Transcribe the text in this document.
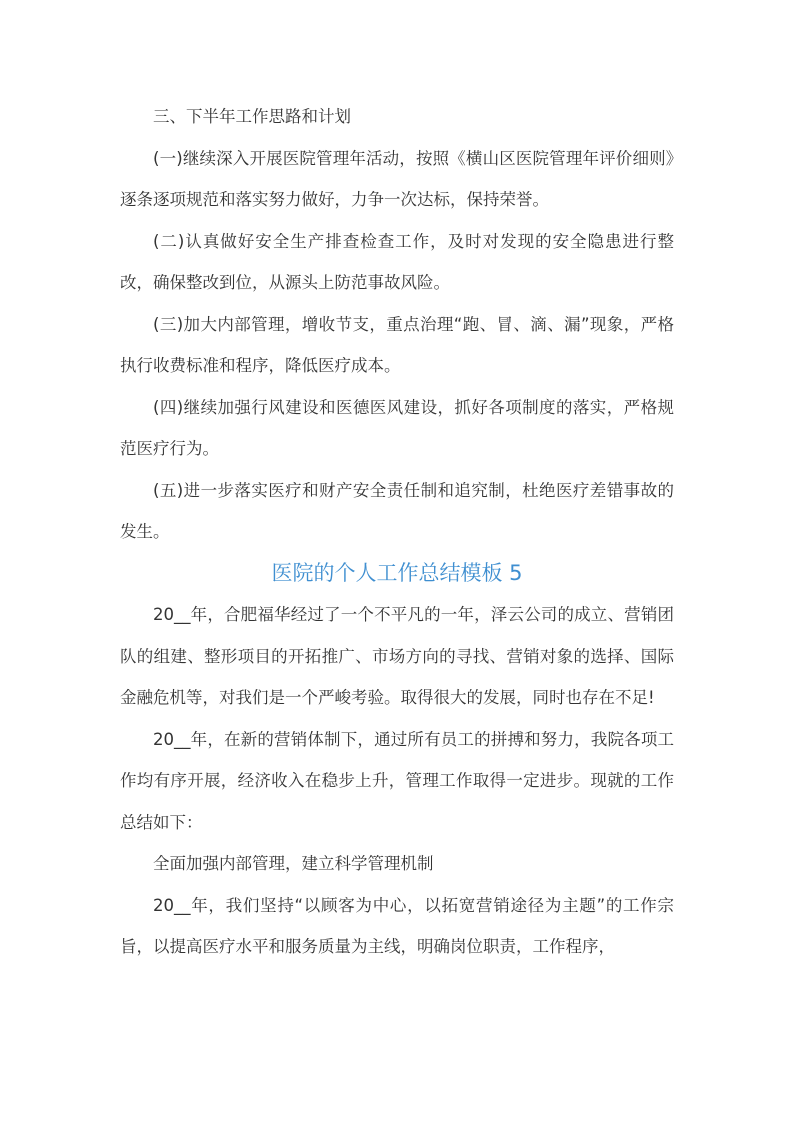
三、下半年工作思路和计划

(一)继续深入开展医院管理年活动，按照《横山区医院管理年评价细则》逐条逐项规范和落实努力做好，力争一次达标，保持荣誉。

(二)认真做好安全生产排查检查工作，及时对发现的安全隐患进行整改，确保整改到位，从源头上防范事故风险。

(三)加大内部管理，增收节支，重点治理“跑、冒、滴、漏”现象，严格执行收费标准和程序，降低医疗成本。

(四)继续加强行风建设和医德医风建设，抓好各项制度的落实，严格规范医疗行为。

(五)进一步落实医疗和财产安全责任制和追究制，杜绝医疗差错事故的发生。

医院的个人工作总结模板 5

20__年，合肥福华经过了一个不平凡的一年，泽云公司的成立、营销团队的组建、整形项目的开拓推广、市场方向的寻找、营销对象的选择、国际金融危机等，对我们是一个严峻考验。取得很大的发展，同时也存在不足!

20__年，在新的营销体制下，通过所有员工的拼搏和努力，我院各项工作均有序开展，经济收入在稳步上升，管理工作取得一定进步。现就的工作总结如下：

全面加强内部管理，建立科学管理机制

20__年，我们坚持“以顾客为中心，以拓宽营销途径为主题”的工作宗旨，以提高医疗水平和服务质量为主线，明确岗位职责，工作程序，
